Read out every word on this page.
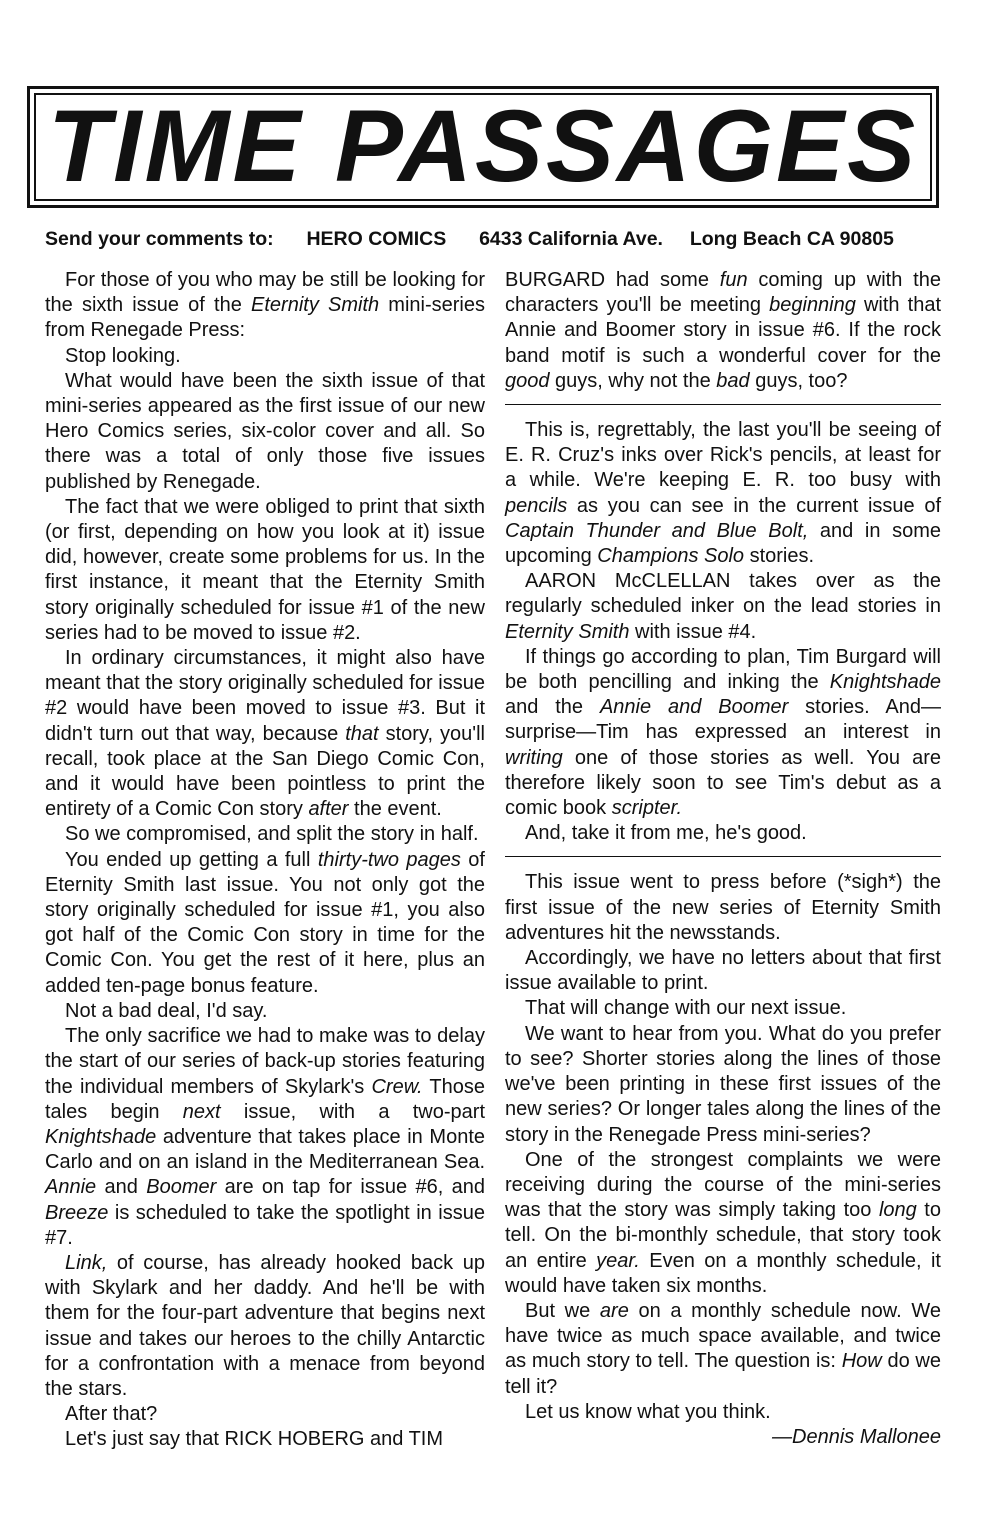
TIME PASSAGES
Send your comments to: HERO COMICS 6433 California Ave. Long Beach CA 90805

For those of you who may be still be looking for the sixth issue of the Eternity Smith mini-series from Renegade Press:

Stop looking.

What would have been the sixth issue of that mini-series appeared as the first issue of our new Hero Comics series, six-color cover and all. So there was a total of only those five issues published by Renegade.

The fact that we were obliged to print that sixth (or first, depending on how you look at it) issue did, however, create some problems for us. In the first instance, it meant that the Eternity Smith story originally scheduled for issue #1 of the new series had to be moved to issue #2.

In ordinary circumstances, it might also have meant that the story originally scheduled for issue #2 would have been moved to issue #3. But it didn't turn out that way, because that story, you'll recall, took place at the San Diego Comic Con, and it would have been pointless to print the entirety of a Comic Con story after the event.

So we compromised, and split the story in half.

You ended up getting a full thirty-two pages of Eternity Smith last issue. You not only got the story originally scheduled for issue #1, you also got half of the Comic Con story in time for the Comic Con. You get the rest of it here, plus an added ten-page bonus feature.

Not a bad deal, I'd say.

The only sacrifice we had to make was to delay the start of our series of back-up stories featuring the individual members of Skylark's Crew. Those tales begin next issue, with a two-part Knightshade adventure that takes place in Monte Carlo and on an island in the Mediterranean Sea. Annie and Boomer are on tap for issue #6, and Breeze is scheduled to take the spotlight in issue #7.

Link, of course, has already hooked back up with Skylark and her daddy. And he'll be with them for the four-part adventure that begins next issue and takes our heroes to the chilly Antarctic for a confrontation with a menace from beyond the stars.

After that?

Let's just say that RICK HOBERG and TIM

BURGARD had some fun coming up with the characters you'll be meeting beginning with that Annie and Boomer story in issue #6. If the rock band motif is such a wonderful cover for the good guys, why not the bad guys, too?

This is, regrettably, the last you'll be seeing of E. R. Cruz's inks over Rick's pencils, at least for a while. We're keeping E. R. too busy with pencils as you can see in the current issue of Captain Thunder and Blue Bolt, and in some upcoming Champions Solo stories.

AARON McCLELLAN takes over as the regularly scheduled inker on the lead stories in Eternity Smith with issue #4.

If things go according to plan, Tim Burgard will be both pencilling and inking the Knightshade and the Annie and Boomer stories. And—surprise—Tim has expressed an interest in writing one of those stories as well. You are therefore likely soon to see Tim's debut as a comic book scripter.

And, take it from me, he's good.

This issue went to press before (*sigh*) the first issue of the new series of Eternity Smith adventures hit the newsstands.

Accordingly, we have no letters about that first issue available to print.

That will change with our next issue.

We want to hear from you. What do you prefer to see? Shorter stories along the lines of those we've been printing in these first issues of the new series? Or longer tales along the lines of the story in the Renegade Press mini-series?

One of the strongest complaints we were receiving during the course of the mini-series was that the story was simply taking too long to tell. On the bi-monthly schedule, that story took an entire year. Even on a monthly schedule, it would have taken six months.

But we are on a monthly schedule now. We have twice as much space available, and twice as much story to tell. The question is: How do we tell it?

Let us know what you think.

—Dennis Mallonee
